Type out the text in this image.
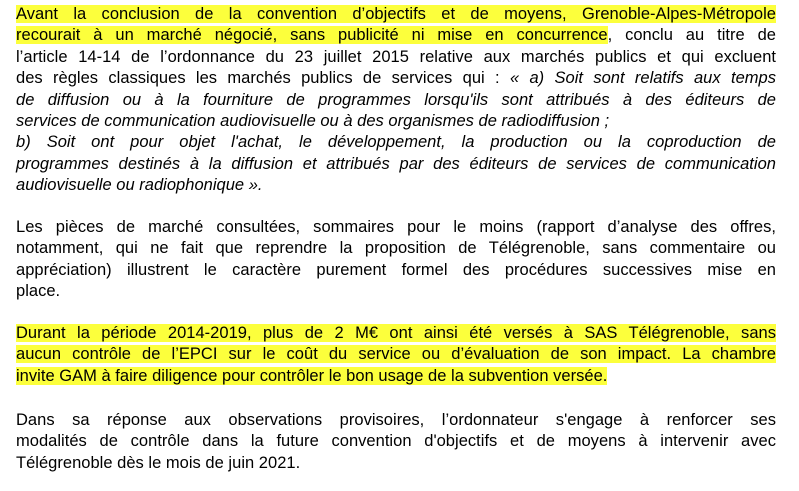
Avant la conclusion de la convention d’objectifs et de moyens, Grenoble-Alpes-Métropole
recourait à un marché négocié, sans publicité ni mise en concurrence, conclu au titre de
l’article 14-14 de l’ordonnance du 23 juillet 2015 relative aux marchés publics et qui excluent
des règles classiques les marchés publics de services qui : « a) Soit sont relatifs aux temps
de diffusion ou à la fourniture de programmes lorsqu'ils sont attribués à des éditeurs de
services de communication audiovisuelle ou à des organismes de radiodiffusion ;
b) Soit ont pour objet l'achat, le développement, la production ou la coproduction de
programmes destinés à la diffusion et attribués par des éditeurs de services de communication
audiovisuelle ou radiophonique ».
Les pièces de marché consultées, sommaires pour le moins (rapport d’analyse des offres,
notamment, qui ne fait que reprendre la proposition de Télégrenoble, sans commentaire ou
appréciation) illustrent le caractère purement formel des procédures successives mise en
place.
Durant la période 2014-2019, plus de 2 M€ ont ainsi été versés à SAS Télégrenoble, sans
aucun contrôle de l’EPCI sur le coût du service ou d’évaluation de son impact. La chambre
invite GAM à faire diligence pour contrôler le bon usage de la subvention versée.
Dans sa réponse aux observations provisoires, l’ordonnateur s'engage à renforcer ses
modalités de contrôle dans la future convention d'objectifs et de moyens à intervenir avec
Télégrenoble dès le mois de juin 2021.
